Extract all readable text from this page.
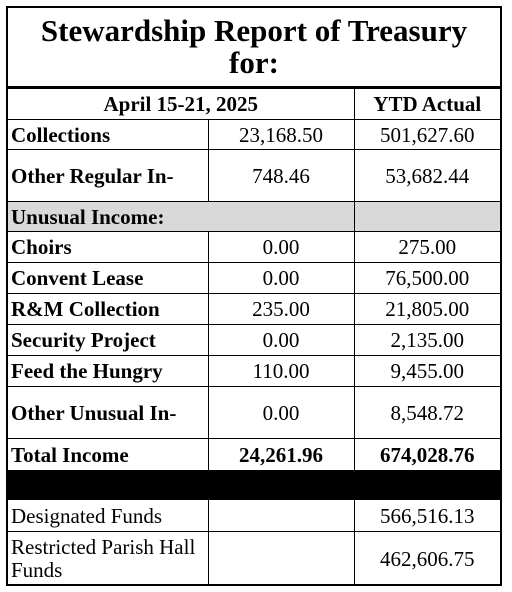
Stewardship Report of Treasury for:
April 15-21, 2025		YTD Actual
Collections	23,168.50	501,627.60
Other Regular In-	748.46	53,682.44
Unusual Income:		
Choirs	0.00	275.00
Convent Lease	0.00	76,500.00
R&M Collection	235.00	21,805.00
Security Project	0.00	2,135.00
Feed the Hungry	110.00	9,455.00
Other Unusual In-	0.00	8,548.72
Total Income	24,261.96	674,028.76

Designated Funds		566,516.13
Restricted Parish Hall Funds		462,606.75
